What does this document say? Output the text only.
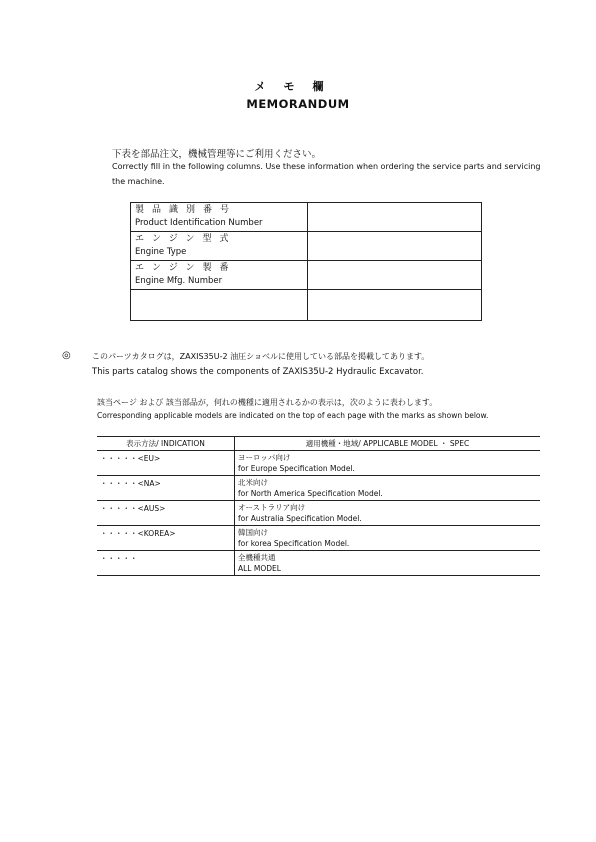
メモ欄
MEMORANDUM
下表を部品注文，機械管理等にご利用ください。
Correctly fill in the following columns. Use these information when ordering the service parts and servicing the machine.
製品識別番号
Product Identification Number	

エンジン型式
Engine Type	

エンジン製番
Engine Mfg. Number	

◎	このパーツカタログは，ZAXIS35U-2 油圧ショベルに使用している部品を掲載してあります。
This parts catalog shows the components of ZAXIS35U-2 Hydraulic Excavator.
該当ページ および 該当部品が，何れの機種に適用されるかの表示は，次のように表わします。
Corresponding applicable models are indicated on the top of each page with the marks as shown below.
表示方法/ INDICATION	適用機種・地域/ APPLICABLE MODEL ・ SPEC
・・・・・<EU>	ヨーロッパ向け
for Europe Specification Model.

・・・・・<NA>	北米向け
for North America Specification Model.

・・・・・<AUS>	オーストラリア向け
for Australia Specification Model.

・・・・・<KOREA>	韓国向け
for korea Specification Model.

・・・・・	全機種共通
ALL MODEL
